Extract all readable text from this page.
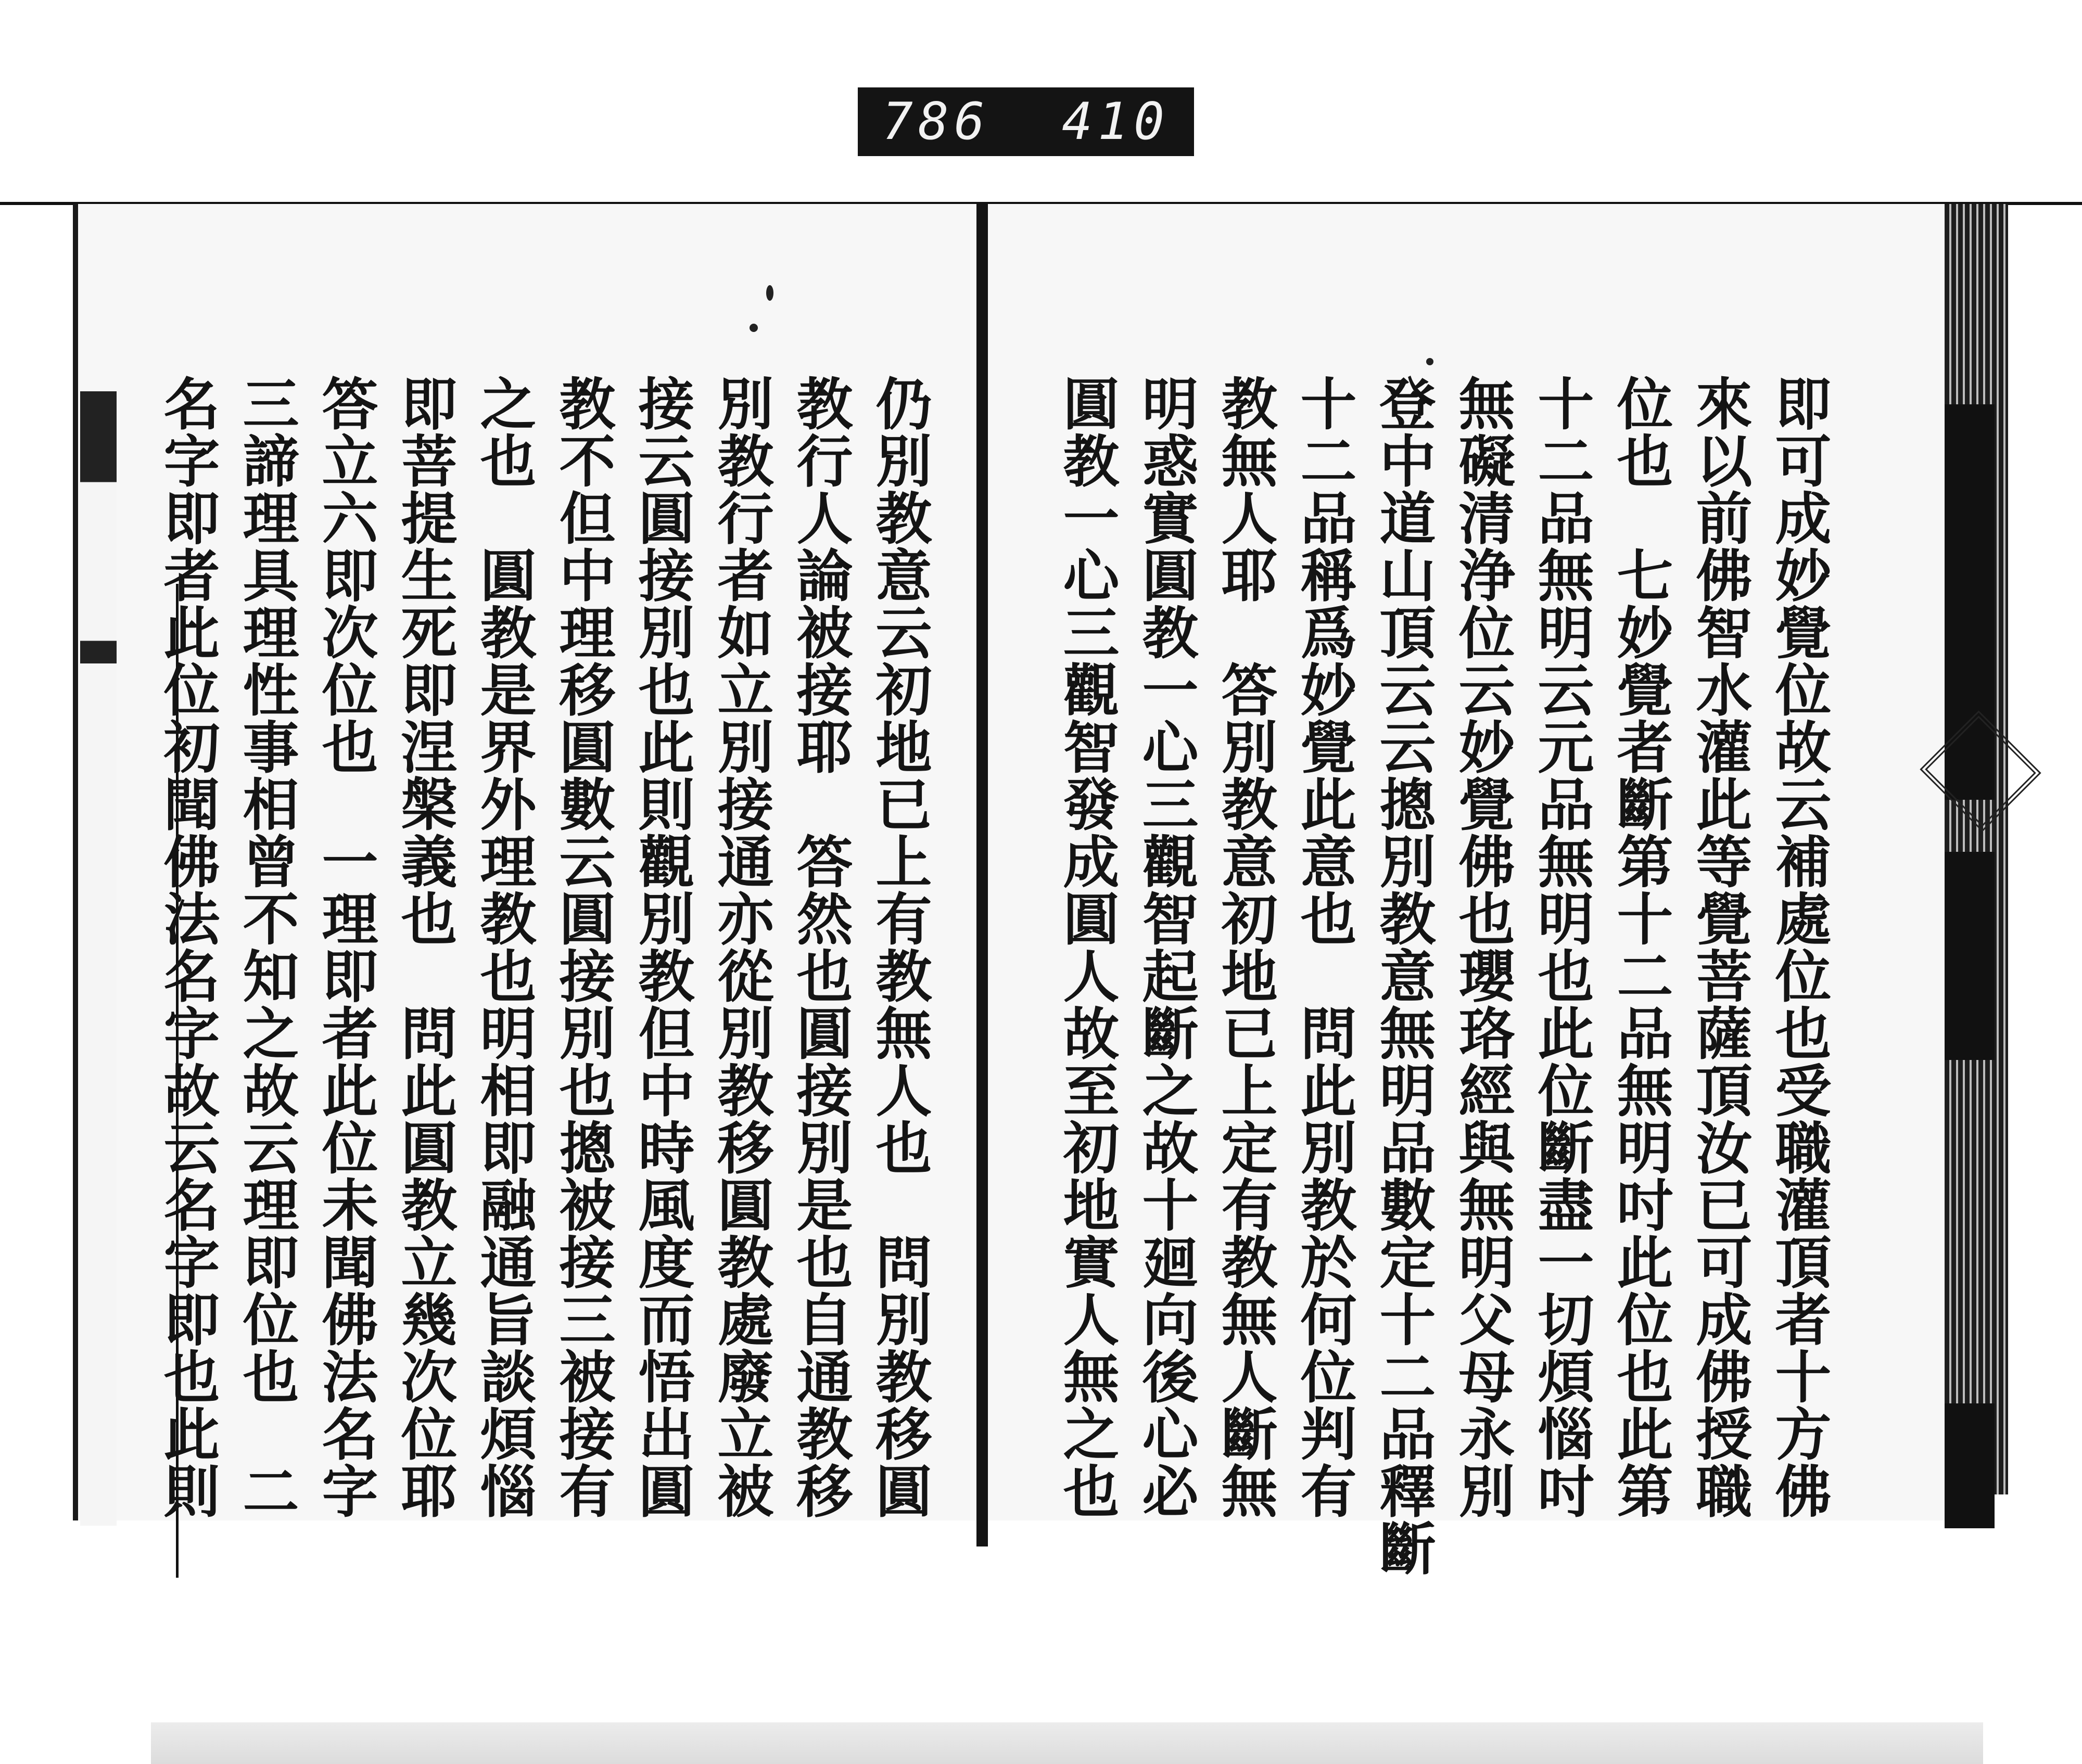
786  410
即可成妙覺位故云補處位也受職灌頂者十方佛
來以前佛智水灌此等覺菩薩頂汝已可成佛授職
位也　七妙覺者斷第十二品無明吋此位也此第
十二品無明云元品無明也此位斷盡一切煩惱吋
無礙清浄位云妙覺佛也瓔珞經與無明父母永別
登中道山頂云云摠別教意無明品數定十二品釋斷
十二品稱爲妙覺此意也　問此別教於何位判有
教無人耶　答別教意初地已上定有教無人斷無
明惑實圓教一心三觀智起斷之故十廻向後心必
圓教一心三觀智發成圓人故至初地實人無之也
仍別教意云初地已上有教無人也　問別教移圓
教行人論被接耶　答然也圓接別是也自通教移
別教行者如立別接通亦從別教移圓教處廢立被
接云圓接別也此則觀別教但中時風度而悟出圓
教不但中理移圓數云圓接別也摠被接三被接有
之也　圓教是界外理教也明相即融通旨談煩惱
即菩提生死即涅槃義也　問此圓教立幾次位耶
答立六即次位也　一理即者此位未聞佛法名字
三諦理具理性事相曾不知之故云理即位也　二
名字即者此位初聞佛法名字故云名字即也此則
